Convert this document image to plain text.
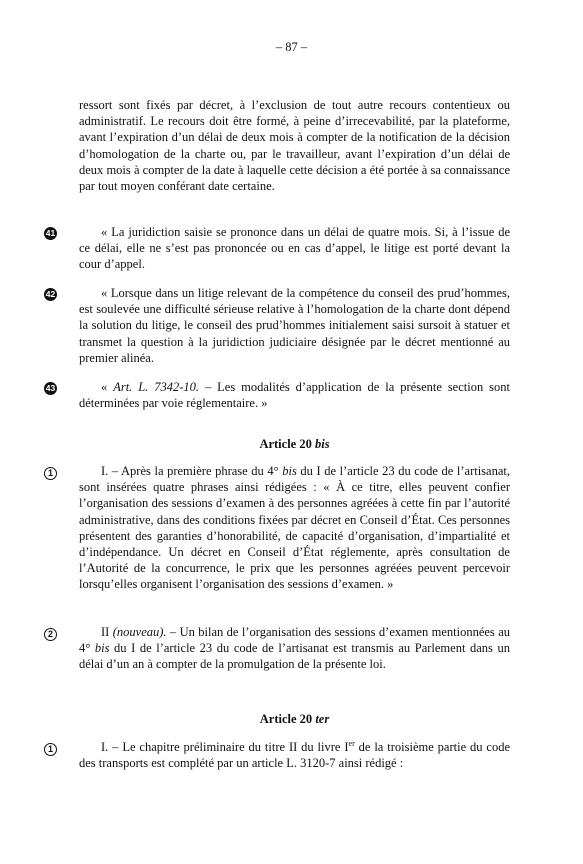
– 87 –

ressort sont fixés par décret, à l’exclusion de tout autre recours contentieux ou administratif. Le recours doit être formé, à peine d’irrecevabilité, par la plateforme, avant l’expiration d’un délai de deux mois à compter de la notification de la décision d’homologation de la charte ou, par le travailleur, avant l’expiration d’un délai de deux mois à compter de la date à laquelle cette décision a été portée à sa connaissance par tout moyen conférant date certaine.

41	« La juridiction saisie se prononce dans un délai de quatre mois. Si, à l’issue de ce délai, elle ne s’est pas prononcée ou en cas d’appel, le litige est porté devant la cour d’appel.

42	« Lorsque dans un litige relevant de la compétence du conseil des prud’hommes, est soulevée une difficulté sérieuse relative à l’homologation de la charte dont dépend la solution du litige, le conseil des prud’hommes initialement saisi sursoit à statuer et transmet la question à la juridiction judiciaire désignée par le décret mentionné au premier alinéa.

43	« Art. L. 7342-10. – Les modalités d’application de la présente section sont déterminées par voie réglementaire. »

Article 20 bis

1	I. – Après la première phrase du 4° bis du I de l’article 23 du code de l’artisanat, sont insérées quatre phrases ainsi rédigées : « À ce titre, elles peuvent confier l’organisation des sessions d’examen à des personnes agréées à cette fin par l’autorité administrative, dans des conditions fixées par décret en Conseil d’État. Ces personnes présentent des garanties d’honorabilité, de capacité d’organisation, d’impartialité et d’indépendance. Un décret en Conseil d’État réglemente, après consultation de l’Autorité de la concurrence, le prix que les personnes agréées peuvent percevoir lorsqu’elles organisent l’organisation des sessions d’examen. »

2	II (nouveau). – Un bilan de l’organisation des sessions d’examen mentionnées au 4° bis du I de l’article 23 du code de l’artisanat est transmis au Parlement dans un délai d’un an à compter de la promulgation de la présente loi.

Article 20 ter

1	I. – Le chapitre préliminaire du titre II du livre Ier de la troisième partie du code des transports est complété par un article L. 3120-7 ainsi rédigé :
